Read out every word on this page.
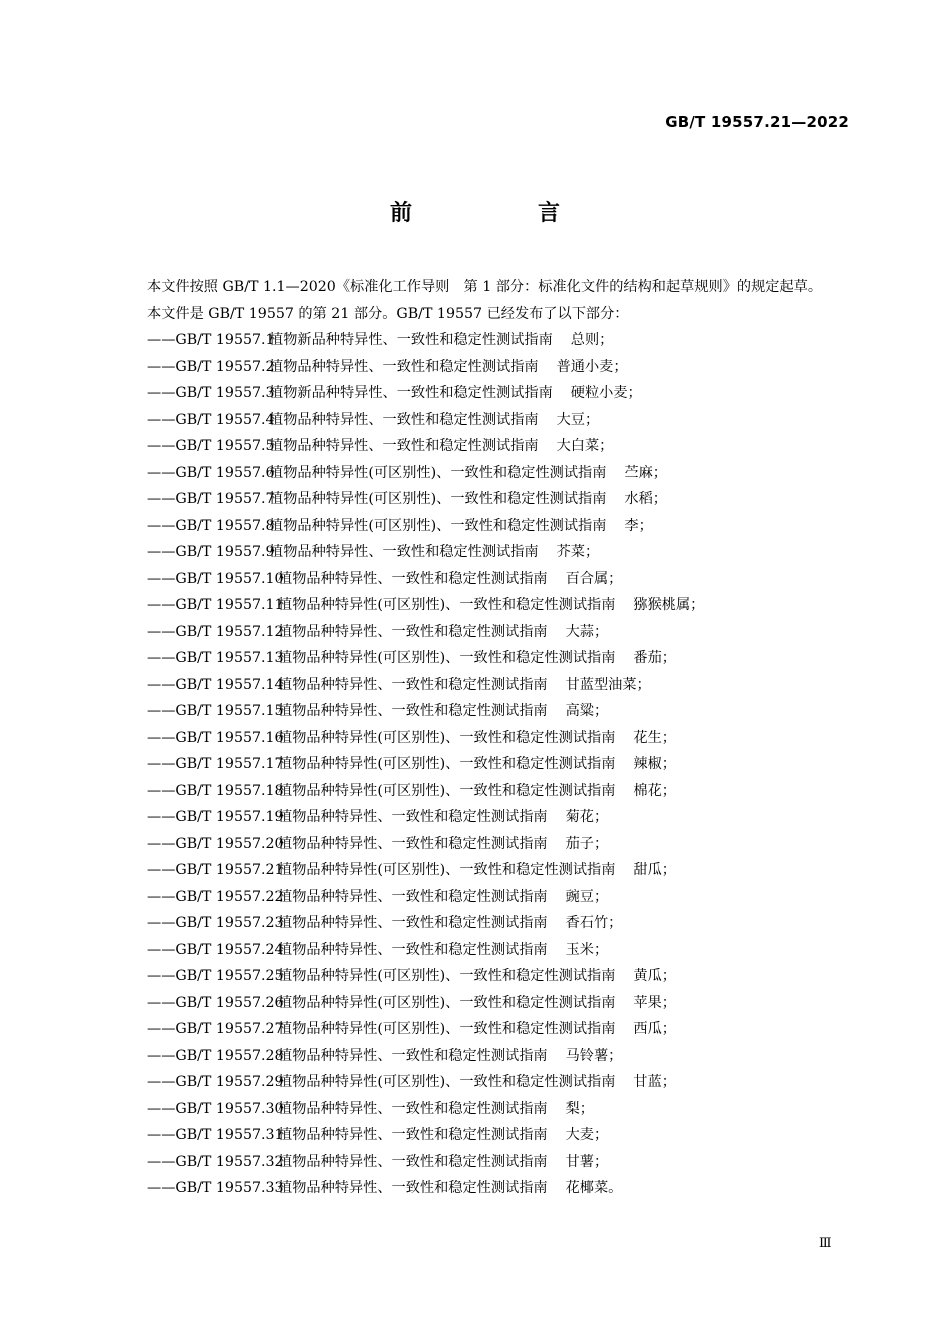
GB/T 19557.21—2022
前　言
本文件按照 GB/T 1.1—2020《标准化工作导则　第 1 部分：标准化文件的结构和起草规则》的规定起草。
本文件是 GB/T 19557 的第 21 部分。GB/T 19557 已经发布了以下部分：
——GB/T 19557.1植物新品种特异性、一致性和稳定性测试指南 总则；
——GB/T 19557.2植物品种特异性、一致性和稳定性测试指南 普通小麦；
——GB/T 19557.3植物新品种特异性、一致性和稳定性测试指南 硬粒小麦；
——GB/T 19557.4植物品种特异性、一致性和稳定性测试指南 大豆；
——GB/T 19557.5植物品种特异性、一致性和稳定性测试指南 大白菜；
——GB/T 19557.6植物品种特异性(可区别性)、一致性和稳定性测试指南 苎麻；
——GB/T 19557.7植物品种特异性(可区别性)、一致性和稳定性测试指南 水稻；
——GB/T 19557.8植物品种特异性(可区别性)、一致性和稳定性测试指南 李；
——GB/T 19557.9植物品种特异性、一致性和稳定性测试指南 芥菜；
——GB/T 19557.10植物品种特异性、一致性和稳定性测试指南 百合属；
——GB/T 19557.11植物品种特异性(可区别性)、一致性和稳定性测试指南 猕猴桃属；
——GB/T 19557.12植物品种特异性、一致性和稳定性测试指南 大蒜；
——GB/T 19557.13植物品种特异性(可区别性)、一致性和稳定性测试指南 番茄；
——GB/T 19557.14植物品种特异性、一致性和稳定性测试指南 甘蓝型油菜；
——GB/T 19557.15植物品种特异性、一致性和稳定性测试指南 高粱；
——GB/T 19557.16植物品种特异性(可区别性)、一致性和稳定性测试指南 花生；
——GB/T 19557.17植物品种特异性(可区别性)、一致性和稳定性测试指南 辣椒；
——GB/T 19557.18植物品种特异性(可区别性)、一致性和稳定性测试指南 棉花；
——GB/T 19557.19植物品种特异性、一致性和稳定性测试指南 菊花；
——GB/T 19557.20植物品种特异性、一致性和稳定性测试指南 茄子；
——GB/T 19557.21植物品种特异性(可区别性)、一致性和稳定性测试指南 甜瓜；
——GB/T 19557.22植物品种特异性、一致性和稳定性测试指南 豌豆；
——GB/T 19557.23植物品种特异性、一致性和稳定性测试指南 香石竹；
——GB/T 19557.24植物品种特异性、一致性和稳定性测试指南 玉米；
——GB/T 19557.25植物品种特异性(可区别性)、一致性和稳定性测试指南 黄瓜；
——GB/T 19557.26植物品种特异性(可区别性)、一致性和稳定性测试指南 苹果；
——GB/T 19557.27植物品种特异性(可区别性)、一致性和稳定性测试指南 西瓜；
——GB/T 19557.28植物品种特异性、一致性和稳定性测试指南 马铃薯；
——GB/T 19557.29植物品种特异性(可区别性)、一致性和稳定性测试指南 甘蓝；
——GB/T 19557.30植物品种特异性、一致性和稳定性测试指南 梨；
——GB/T 19557.31植物品种特异性、一致性和稳定性测试指南 大麦；
——GB/T 19557.32植物品种特异性、一致性和稳定性测试指南 甘薯；
——GB/T 19557.33植物品种特异性、一致性和稳定性测试指南 花椰菜。
Ⅲ
